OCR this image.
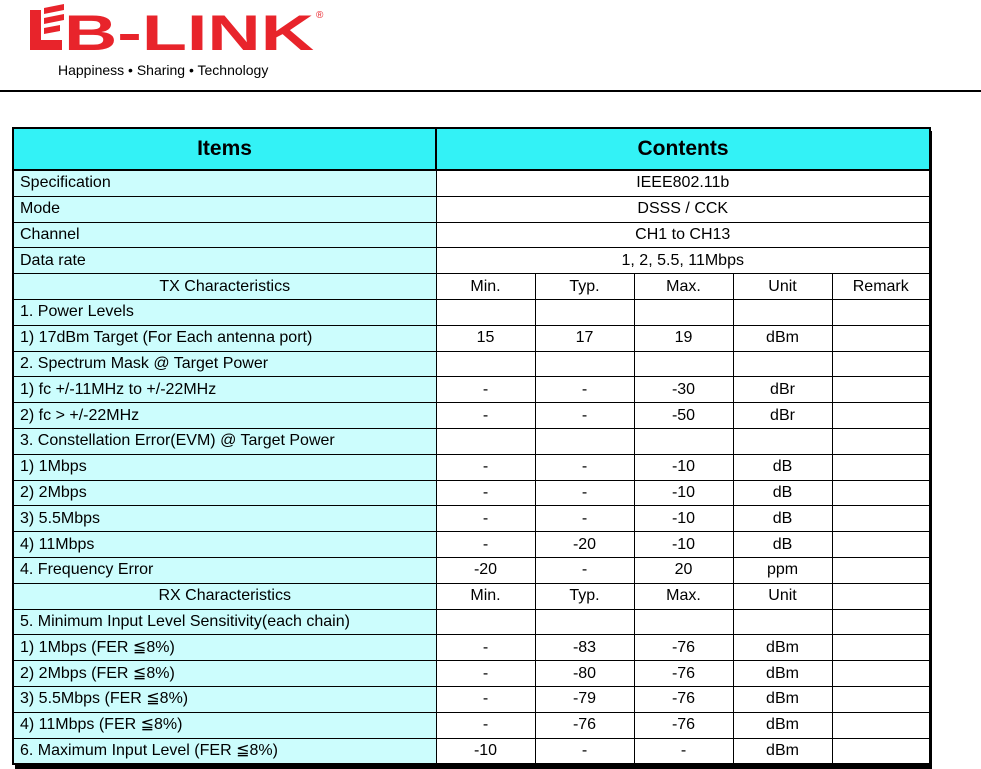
B-LINK ®
Happiness • Sharing • Technology
Items	Contents				
Specification	IEEE802.11b				
Mode	DSSS / CCK				
Channel	CH1 to CH13				
Data rate	1, 2, 5.5, 11Mbps				
TX Characteristics	Min.	Typ.	Max.	Unit	Remark
1. Power Levels					
1) 17dBm Target (For Each antenna port)	15	17	19	dBm	
2. Spectrum Mask @ Target Power					
1) fc +/-11MHz to +/-22MHz	-	-	-30	dBr	
2) fc > +/-22MHz	-	-	-50	dBr	
3. Constellation Error(EVM) @ Target Power					
1) 1Mbps	-	-	-10	dB	
2) 2Mbps	-	-	-10	dB	
3) 5.5Mbps	-	-	-10	dB	
4) 11Mbps	-	-20	-10	dB	
4. Frequency Error	-20	-	20	ppm	
RX Characteristics	Min.	Typ.	Max.	Unit	
5. Minimum Input Level Sensitivity(each chain)					
1) 1Mbps (FER ≦8%)	-	-83	-76	dBm	
2) 2Mbps (FER ≦8%)	-	-80	-76	dBm	
3) 5.5Mbps (FER ≦8%)	-	-79	-76	dBm	
4) 11Mbps (FER ≦8%)	-	-76	-76	dBm	
6. Maximum Input Level (FER ≦8%)	-10	-	-	dBm	
